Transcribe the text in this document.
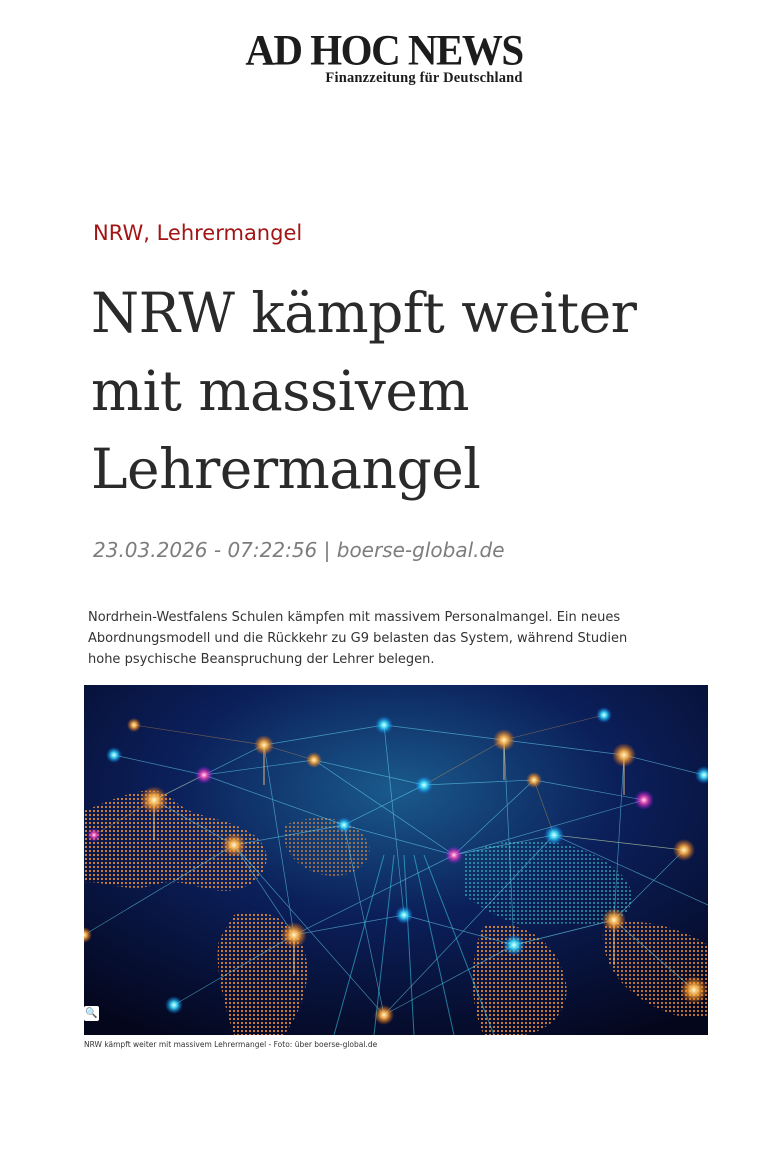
AD HOC NEWS
Finanzzeitung für Deutschland
NRW, Lehrermangel
NRW kämpft weiter mit massivem Lehrermangel
23.03.2026 - 07:22:56 | boerse-global.de

Nordrhein-Westfalens Schulen kämpfen mit massivem Personalmangel. Ein neues Abordnungsmodell und die Rückkehr zu G9 belasten das System, während Studien hohe psychische Beanspruchung der Lehrer belegen.

🔍
NRW kämpft weiter mit massivem Lehrermangel - Foto: über boerse-global.de
